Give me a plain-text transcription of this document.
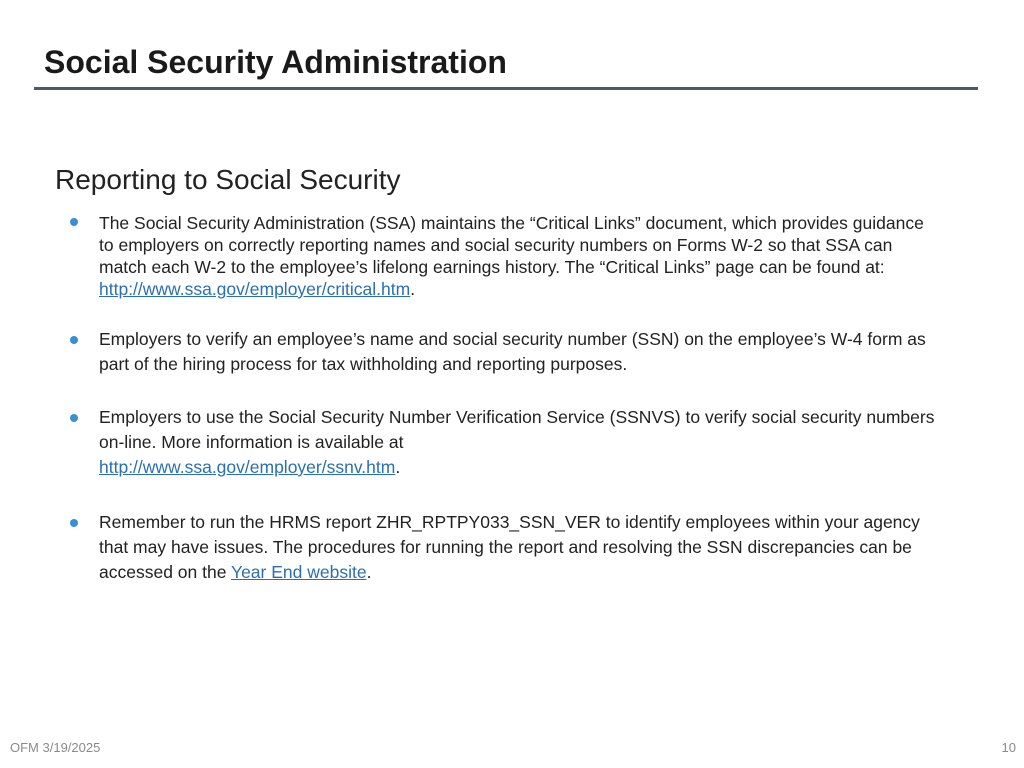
Social Security Administration
Reporting to Social Security
The Social Security Administration (SSA) maintains the “Critical Links” document, which provides guidance to employers on correctly reporting names and social security numbers on Forms W-2 so that SSA can match each W-2 to the employee’s lifelong earnings history. The “Critical Links” page can be found at: http://www.ssa.gov/employer/critical.htm.
Employers to verify an employee’s name and social security number (SSN) on the employee’s W-4 form as part of the hiring process for tax withholding and reporting purposes.
Employers to use the Social Security Number Verification Service (SSNVS) to verify social security numbers on-line. More information is available at
http://www.ssa.gov/employer/ssnv.htm.
Remember to run the HRMS report ZHR_RPTPY033_SSN_VER to identify employees within your agency that may have issues. The procedures for running the report and resolving the SSN discrepancies can be accessed on the Year End website.
OFM 3/19/2025	10
